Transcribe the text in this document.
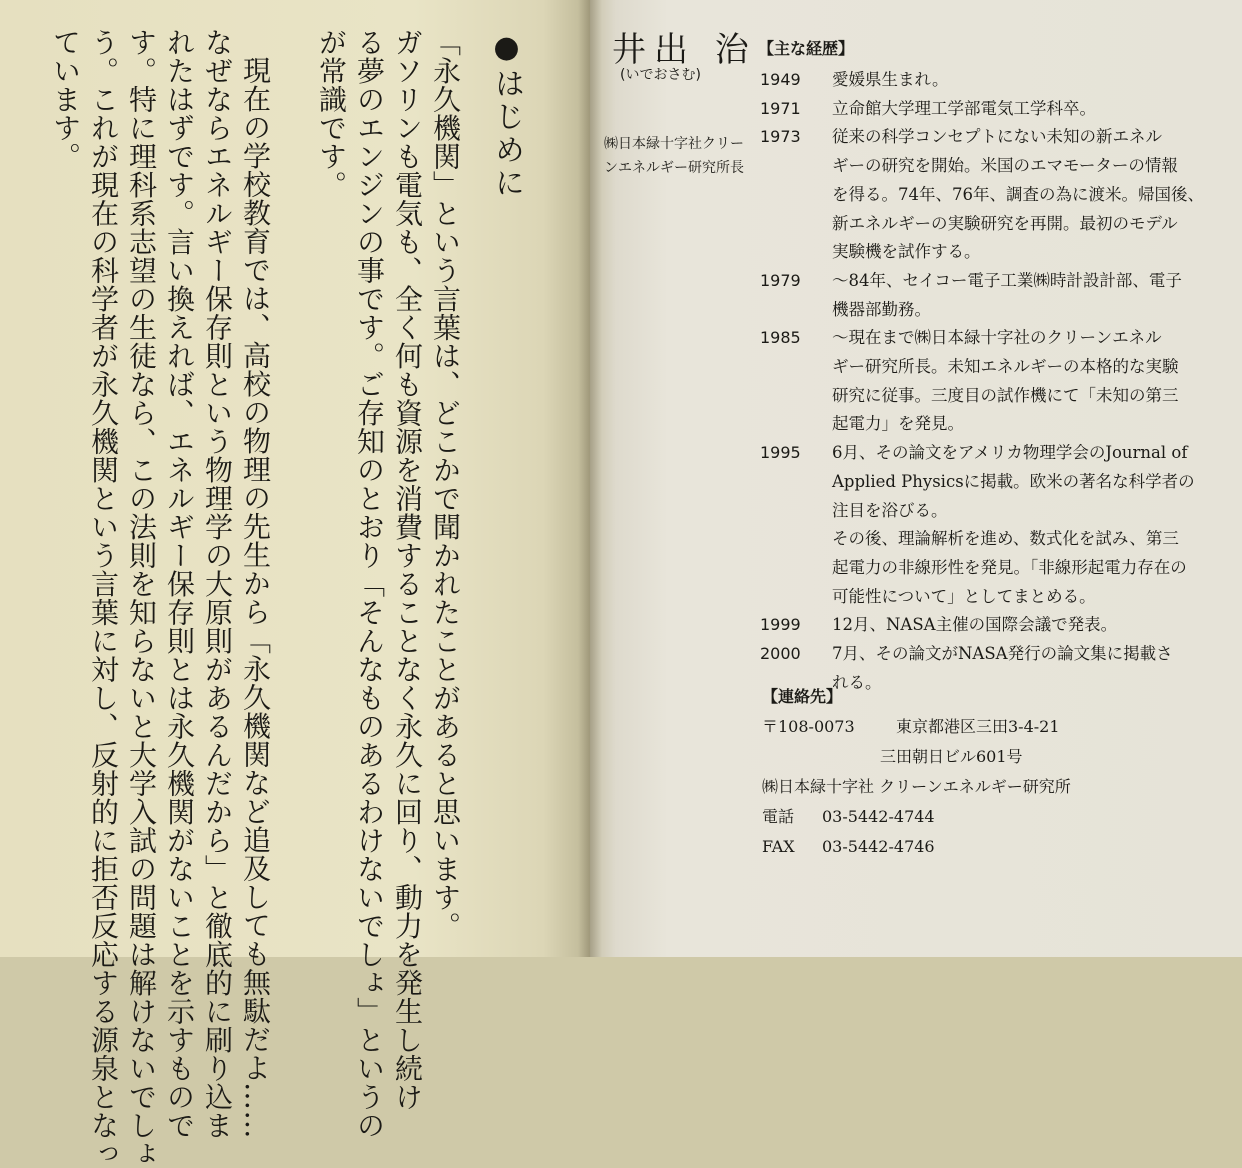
●はじめに
「永久機関」という言葉は、どこかで聞かれたことがあると思います。
ガソリンも電気も、全く何も資源を消費することなく永久に回り、動力を発生し続け
る夢のエンジンの事です。ご存知のとおり「そんなものあるわけないでしょ」というの
が常識です。
現在の学校教育では、高校の物理の先生から「永久機関など追及しても無駄だよ……
なぜならエネルギー保存則という物理学の大原則があるんだから」と徹底的に刷り込ま
れたはずです。言い換えれば、エネルギー保存則とは永久機関がないことを示すもので
す。特に理科系志望の生徒なら、この法則を知らないと大学入試の問題は解けないでしょ
う。これが現在の科学者が永久機関という言葉に対し、反射的に拒否反応する源泉となっ
ています。	井出 治
(いでおさむ)
㈱日本緑十字社クリーンエネルギー研究所長
【主な経歴】
1949	愛媛県生まれ。
1971	立命館大学理工学部電気工学科卒。
1973	従来の科学コンセプトにない未知の新エネル
ギーの研究を開始。米国のエマモーターの情報
を得る。74年、76年、調査の為に渡米。帰国後、
新エネルギーの実験研究を再開。最初のモデル
実験機を試作する。
1979	～84年、セイコー電子工業㈱時計設計部、電子
機器部勤務。
1985	～現在まで㈱日本緑十字社のクリーンエネル
ギー研究所長。未知エネルギーの本格的な実験
研究に従事。三度目の試作機にて「未知の第三
起電力」を発見。
1995	6月、その論文をアメリカ物理学会のJournal of
Applied Physicsに掲載。欧米の著名な科学者の
注目を浴びる。
その後、理論解析を進め、数式化を試み、第三
起電力の非線形性を発見。「非線形起電力存在の
可能性について」としてまとめる。
1999	12月、NASA主催の国際会議で発表。
2000	7月、その論文がNASA発行の論文集に掲載さ
れる。
【連絡先】
〒108-0073	東京都港区三田3-4-21
三田朝日ビル601号
㈱日本緑十字社 クリーンエネルギー研究所
電話	03-5442-4744
FAX	03-5442-4746
